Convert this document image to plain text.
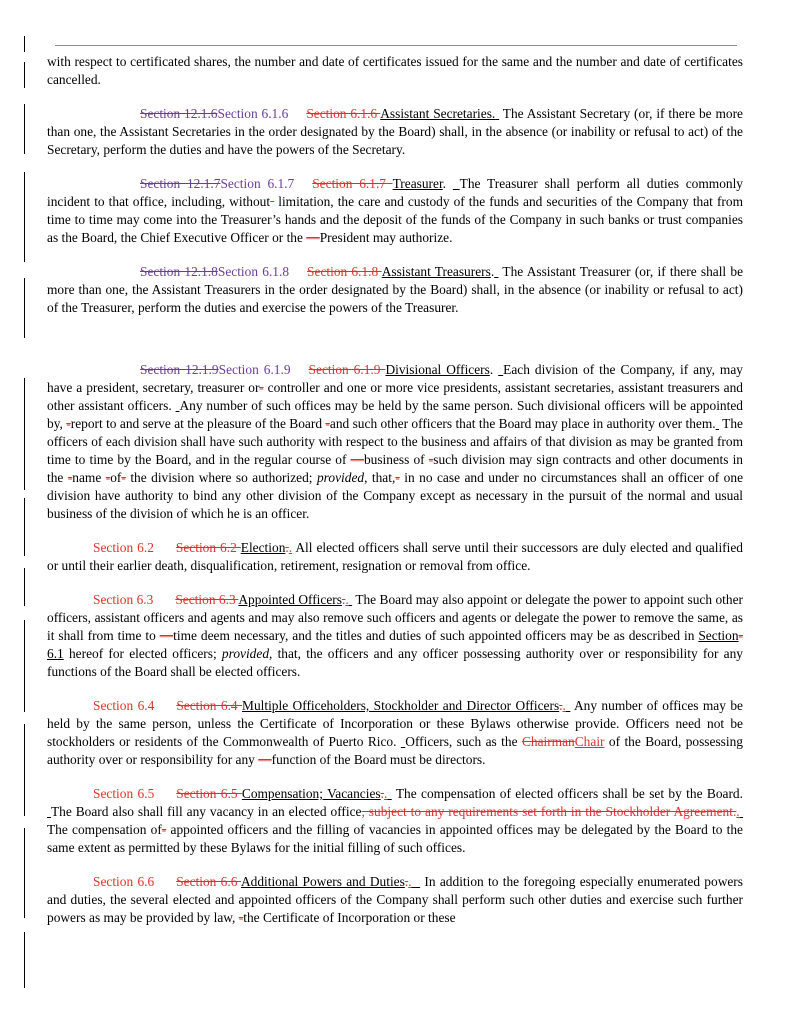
with respect to certificated shares, the number and date of certificates issued for the same and the number and date of certificates cancelled.

Section 12.1.6Section 6.1.6 Section 6.1.6 Assistant Secretaries. The Assistant Secretary (or, if there be more than one, the Assistant Secretaries in the order designated by the Board) shall, in the absence (or inability or refusal to act) of the Secretary, perform the duties and have the powers of the Secretary.

Section 12.1.7Section 6.1.7 Section 6.1.7 Treasurer.  The Treasurer shall perform all duties commonly incident to that office, including, without limitation, the care and custody of the funds and securities of the Company that from time to time may come into the Treasurer’s hands and the deposit of the funds of the Company in such banks or trust companies as the Board, the Chief Executive Officer or the —President may authorize.

Section 12.1.8Section 6.1.8 Section 6.1.8 Assistant Treasurers. The Assistant Treasurer (or, if there shall be more than one, the Assistant Treasurers in the order designated by the Board) shall, in the absence (or inability or refusal to act) of the Treasurer, perform the duties and exercise the powers of the Treasurer.

Section 12.1.9Section 6.1.9 Section 6.1.9 Divisional Officers.  Each division of the Company, if any, may have a president, secretary, treasurer or- controller and one or more vice presidents, assistant secretaries, assistant treasurers and other assistant officers. Any number of such offices may be held by the same person. Such divisional officers will be appointed by, -report to and serve at the pleasure of the Board -and such other officers that the Board may place in authority over them. The officers of each division shall have such authority with respect to the business and affairs of that division as may be granted from time to time by the Board, and in the regular course of —business of -such division may sign contracts and other documents in the -name -of- the division where so authorized; provided, that,- in no case and under no circumstances shall an officer of one division have authority to bind any other division of the Company except as necessary in the pursuit of the normal and usual business of the division of which he is an officer.

Section 6.2 Section 6.2 Election.. All elected officers shall serve until their successors are duly elected and qualified or until their earlier death, disqualification, retirement, resignation or removal from office.

Section 6.3 Section 6.3 Appointed Officers.. The Board may also appoint or delegate the power to appoint such other officers, assistant officers and agents and may also remove such officers and agents or delegate the power to remove the same, as it shall from time to —time deem necessary, and the titles and duties of such appointed officers may be as described in Section- 6.1 hereof for elected officers; provided, that, the officers and any officer possessing authority over or responsibility for any functions of the Board shall be elected officers.

Section 6.4 Section 6.4 Multiple Officeholders, Stockholder and Director Officers.. Any number of offices may be held by the same person, unless the Certificate of Incorporation or these Bylaws otherwise provide. Officers need not be stockholders or residents of the Commonwealth of Puerto Rico. Officers, such as the ChairmanChair of the Board, possessing authority over or responsibility for any —function of the Board must be directors.

Section 6.5 Section 6.5 Compensation; Vacancies.. The compensation of elected officers shall be set by the Board.  The Board also shall fill any vacancy in an elected office, subject to any requirements set forth in the Stockholder Agreement..  The compensation of- appointed officers and the filling of vacancies in appointed offices may be delegated by the Board to the same extent as permitted by these Bylaws for the initial filling of such offices.

Section 6.6 Section 6.6 Additional Powers and Duties.. In addition to the foregoing especially enumerated powers and duties, the several elected and appointed officers of the Company shall perform such other duties and exercise such further powers as may be provided by law, -the Certificate of Incorporation or these
